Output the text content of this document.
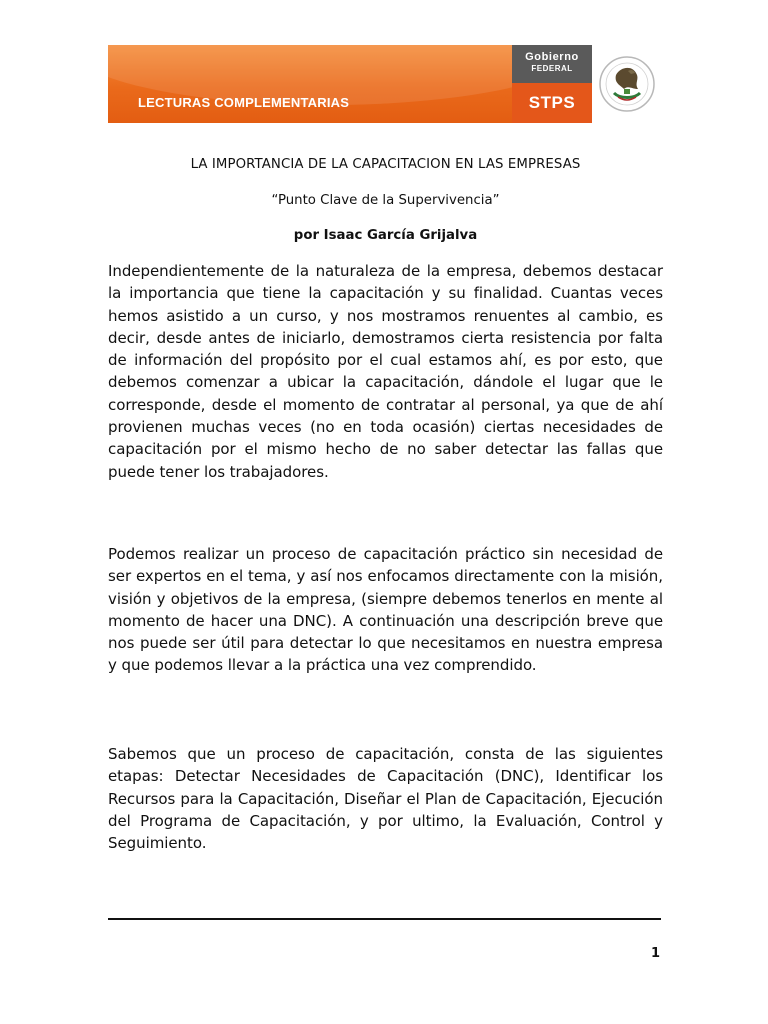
LECTURAS COMPLEMENTARIAS
Gobierno
FEDERAL
STPS
LA IMPORTANCIA DE LA CAPACITACION EN LAS EMPRESAS
“Punto Clave de la Supervivencia”
por Isaac García Grijalva

Independientemente de la naturaleza de la empresa, debemos destacar la importancia que tiene la capacitación y su finalidad. Cuantas veces hemos asistido a un curso, y nos mostramos renuentes al cambio, es decir, desde antes de iniciarlo, demostramos cierta resistencia por falta de información del propósito por el cual estamos ahí, es por esto, que debemos comenzar a ubicar la capacitación, dándole el lugar que le corresponde, desde el momento de contratar al personal, ya que de ahí provienen muchas veces (no en toda ocasión) ciertas necesidades de capacitación por el mismo hecho de no saber detectar las fallas que puede tener los trabajadores.

Podemos realizar un proceso de capacitación práctico sin necesidad de ser expertos en el tema, y así nos enfocamos directamente con la misión, visión y objetivos de la empresa, (siempre debemos tenerlos en mente al momento de hacer una DNC). A continuación una descripción breve que nos puede ser útil para detectar lo que necesitamos en nuestra empresa y que podemos llevar a la práctica una vez comprendido.

Sabemos que un proceso de capacitación, consta de las siguientes etapas: Detectar Necesidades de Capacitación (DNC), Identificar los Recursos para la Capacitación, Diseñar el Plan de Capacitación, Ejecución del Programa de Capacitación, y por ultimo, la Evaluación, Control y Seguimiento.

1
